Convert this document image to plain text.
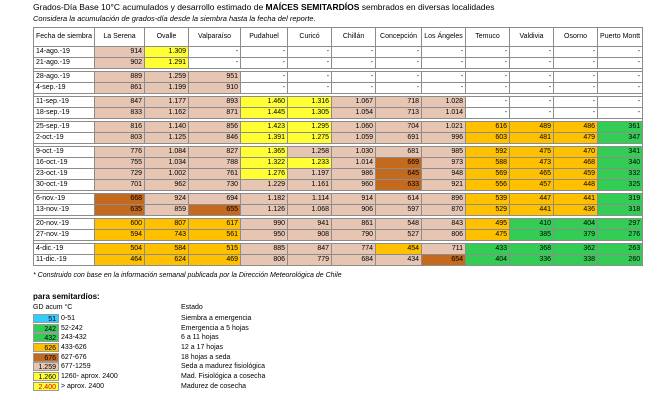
Grados-Día Base 10°C acumulados y desarrollo estimado de MAÍCES SEMITARDÍOS sembrados en diversas localidades
Considera la acumulación de grados-día desde la siembra hasta la fecha del reporte.
Fecha de siembra	La Serena	Ovalle	Valparaíso	Pudahuel	Curicó	Chillán	Concepción	Los Ángeles	Temuco	Valdivia	Osorno	Puerto Montt
14-ago.-19	914	1.309	-	-	-	-	-	-	-	-	-	-
21-ago.-19	902	1.291	-	-	-	-	-	-	-	-	-	-

28-ago.-19	889	1.259	951	-	-	-	-	-	-	-	-	-
4-sep.-19	861	1.199	910	-	-	-	-	-	-	-	-	-

11-sep.-19	847	1.177	893	1.460	1.316	1.067	718	1.028	-	-	-	-
18-sep.-19	833	1.162	871	1.445	1.305	1.054	713	1.014	-	-	-	-

25-sep.-19	816	1.140	856	1.423	1.295	1.060	704	1.021	616	489	486	361
2-oct.-19	803	1.125	846	1.391	1.275	1.059	691	996	603	481	479	347

9-oct.-19	776	1.084	827	1.365	1.258	1.030	681	985	592	475	470	341
16-oct.-19	755	1.034	788	1.322	1.233	1.014	669	973	588	473	468	340
23-oct.-19	729	1.002	761	1.276	1.197	986	645	948	569	465	459	332
30-oct.-19	701	962	730	1.229	1.161	960	633	921	556	457	448	325

6-nov.-19	668	924	694	1.182	1.114	914	614	896	539	447	441	319
13-nov.-19	635	859	655	1.126	1.068	906	597	870	529	441	436	318

20-nov.-19	600	807	617	990	941	861	548	843	495	410	404	297
27-nov.-19	594	743	561	950	908	790	527	806	475	385	379	276

4-dic.-19	504	584	515	885	847	774	454	711	433	368	362	263
11-dic.-19	464	624	469	806	779	684	434	654	404	336	338	260
* Construido con base en la información semanal publicada por la Dirección Meteorológica de Chile
para semitardíos:
GD acum °C	Estado
51 0-51	Siembra a emergencia
242 52-242	Emergencia a 5 hojas
432 243-432	6 a 11 hojas
626 433-626	12 a 17 hojas
676 627-676	18 hojas a seda
1.259 677-1259	Seda a madurez fisiológica
1.260 1260- aprox. 2400	Mad. Fisiológica a cosecha
2.400 > aprox. 2400	Madurez de cosecha
